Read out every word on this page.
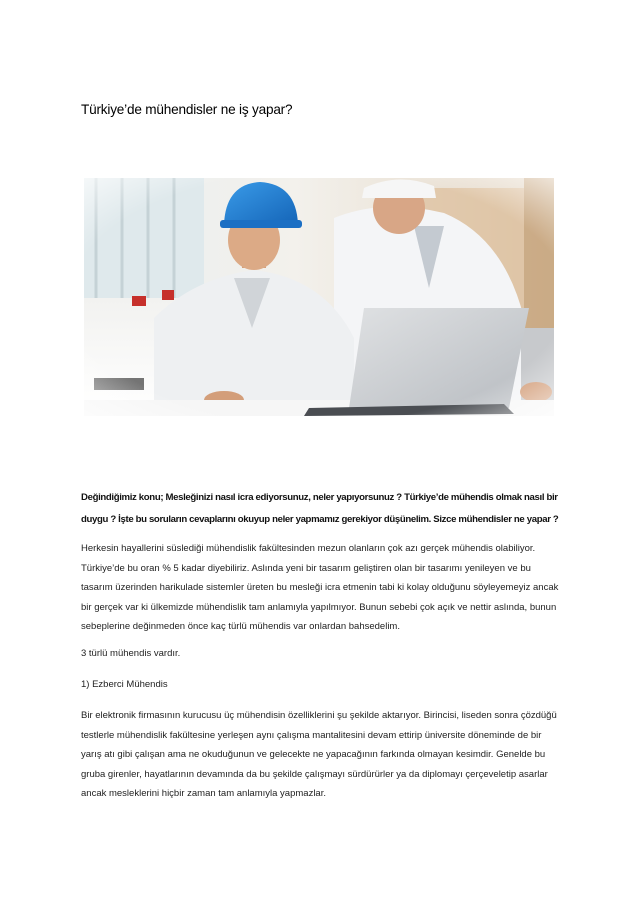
Türkiye’de mühendisler ne iş yapar?
Değindiğimiz konu; Mesleğinizi nasıl icra ediyorsunuz, neler yapıyorsunuz ? Türkiye’de mühendis olmak nasıl bir duygu ? İşte bu soruların cevaplarını okuyup neler yapmamız gerekiyor düşünelim. Sizce mühendisler ne yapar ?

Herkesin hayallerini süslediği mühendislik fakültesinden mezun olanların çok azı gerçek mühendis olabiliyor. Türkiye’de bu oran % 5 kadar diyebiliriz. Aslında yeni bir tasarım geliştiren olan bir tasarımı yenileyen ve bu tasarım üzerinden harikulade sistemler üreten bu mesleği icra etmenin tabi ki kolay olduğunu söyleyemeyiz ancak bir gerçek var ki ülkemizde mühendislik tam anlamıyla yapılmıyor. Bunun sebebi çok açık ve nettir aslında, bunun sebeplerine değinmeden önce kaç türlü mühendis var onlardan bahsedelim.

3 türlü mühendis vardır.

1) Ezberci Mühendis

Bir elektronik firmasının kurucusu üç mühendisin özelliklerini şu şekilde aktarıyor. Birincisi, liseden sonra çözdüğü testlerle mühendislik fakültesine yerleşen aynı çalışma mantalitesini devam ettirip üniversite döneminde de bir yarış atı gibi çalışan ama ne okuduğunun ve gelecekte ne yapacağının farkında olmayan kesimdir. Genelde bu gruba girenler, hayatlarının devamında da bu şekilde çalışmayı sürdürürler ya da diplomayı çerçeveletip asarlar ancak mesleklerini hiçbir zaman tam anlamıyla yapmazlar.
